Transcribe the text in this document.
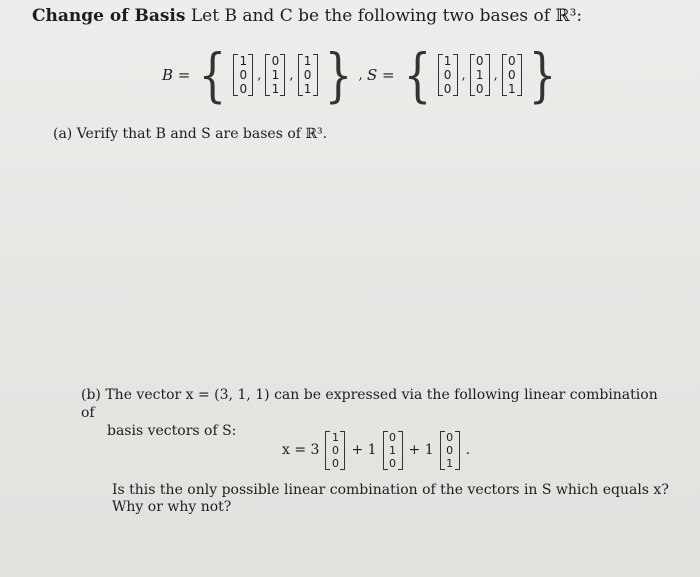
Change of Basis Let B and C be the following two bases of ℝ³:
B = { 1
0
0
,
0
1
1
,
1
0
1 } , S = { 1
0
0
,
0
1
0
,
0
0
1 }
(a) Verify that B and S are bases of ℝ³.
(b) The vector x = (3, 1, 1) can be expressed via the following linear combination of
basis vectors of S:
x = 3
1
0
0
+ 1
0
1
0
+ 1
0
0
1
.
Is this the only possible linear combination of the vectors in S which equals x?
Why or why not?
